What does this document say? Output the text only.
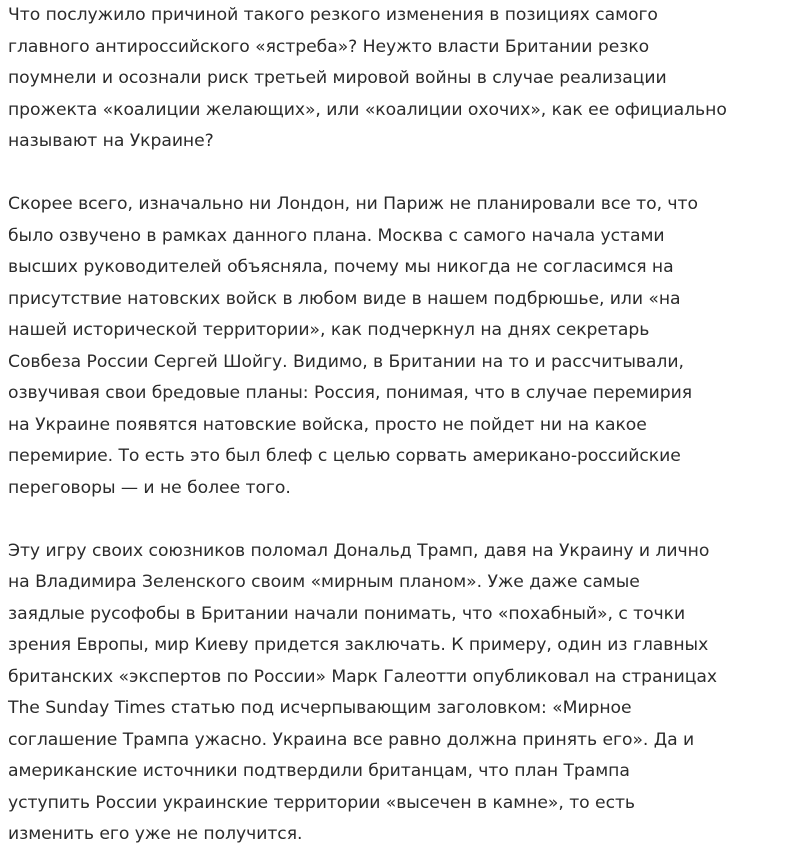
Что послужило причиной такого резкого изменения в позициях самого
главного антироссийского «ястреба»? Неужто власти Британии резко
поумнели и осознали риск третьей мировой войны в случае реализации
прожекта «коалиции желающих», или «коалиции охочих», как ее официально
называют на Украине?

Скорее всего, изначально ни Лондон, ни Париж не планировали все то, что
было озвучено в рамках данного плана. Москва с самого начала устами
высших руководителей объясняла, почему мы никогда не согласимся на
присутствие натовских войск в любом виде в нашем подбрюшье, или «на
нашей исторической территории», как подчеркнул на днях секретарь
Совбеза России Сергей Шойгу. Видимо, в Британии на то и рассчитывали,
озвучивая свои бредовые планы: Россия, понимая, что в случае перемирия
на Украине появятся натовские войска, просто не пойдет ни на какое
перемирие. То есть это был блеф с целью сорвать американо-российские
переговоры — и не более того.

Эту игру своих союзников поломал Дональд Трамп, давя на Украину и лично
на Владимира Зеленского своим «мирным планом». Уже даже самые
заядлые русофобы в Британии начали понимать, что «похабный», с точки
зрения Европы, мир Киеву придется заключать. К примеру, один из главных
британских «экспертов по России» Марк Галеотти опубликовал на страницах
The Sunday Times статью под исчерпывающим заголовком: «Мирное
соглашение Трампа ужасно. Украина все равно должна принять его». Да и
американские источники подтвердили британцам, что план Трампа
уступить России украинские территории «высечен в камне», то есть
изменить его уже не получится.
